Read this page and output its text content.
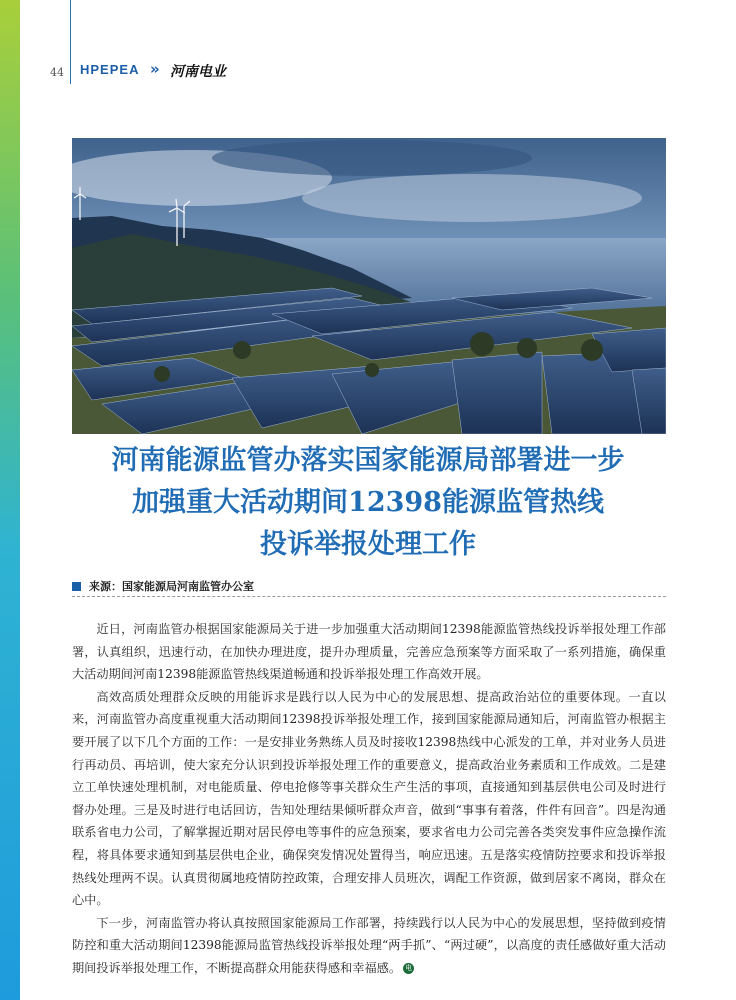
44 HPEPEA » 河南电业
河南能源监管办落实国家能源局部署进一步
加强重大活动期间12398能源监管热线
投诉举报处理工作
来源：国家能源局河南监管办公室

近日，河南监管办根据国家能源局关于进一步加强重大活动期间12398能源监管热线投诉举报处理工作部署，认真组织，迅速行动，在加快办理进度，提升办理质量，完善应急预案等方面采取了一系列措施，确保重大活动期间河南12398能源监管热线渠道畅通和投诉举报处理工作高效开展。

高效高质处理群众反映的用能诉求是践行以人民为中心的发展思想、提高政治站位的重要体现。一直以来，河南监管办高度重视重大活动期间12398投诉举报处理工作，接到国家能源局通知后，河南监管办根据主要开展了以下几个方面的工作：一是安排业务熟练人员及时接收12398热线中心派发的工单，并对业务人员进行再动员、再培训，使大家充分认识到投诉举报处理工作的重要意义，提高政治业务素质和工作成效。二是建立工单快速处理机制，对电能质量、停电抢修等事关群众生产生活的事项，直接通知到基层供电公司及时进行督办处理。三是及时进行电话回访，告知处理结果倾听群众声音，做到“事事有着落，件件有回音”。四是沟通联系省电力公司，了解掌握近期对居民停电等事件的应急预案，要求省电力公司完善各类突发事件应急操作流程，将具体要求通知到基层供电企业，确保突发情况处置得当，响应迅速。五是落实疫情防控要求和投诉举报热线处理两不误。认真贯彻属地疫情防控政策，合理安排人员班次，调配工作资源，做到居家不离岗，群众在心中。

下一步，河南监管办将认真按照国家能源局工作部署，持续践行以人民为中心的发展思想，坚持做到疫情防控和重大活动期间12398能源局监管热线投诉举报处理“两手抓”、“两过硬”，以高度的责任感做好重大活动期间投诉举报处理工作，不断提高群众用能获得感和幸福感。 电
